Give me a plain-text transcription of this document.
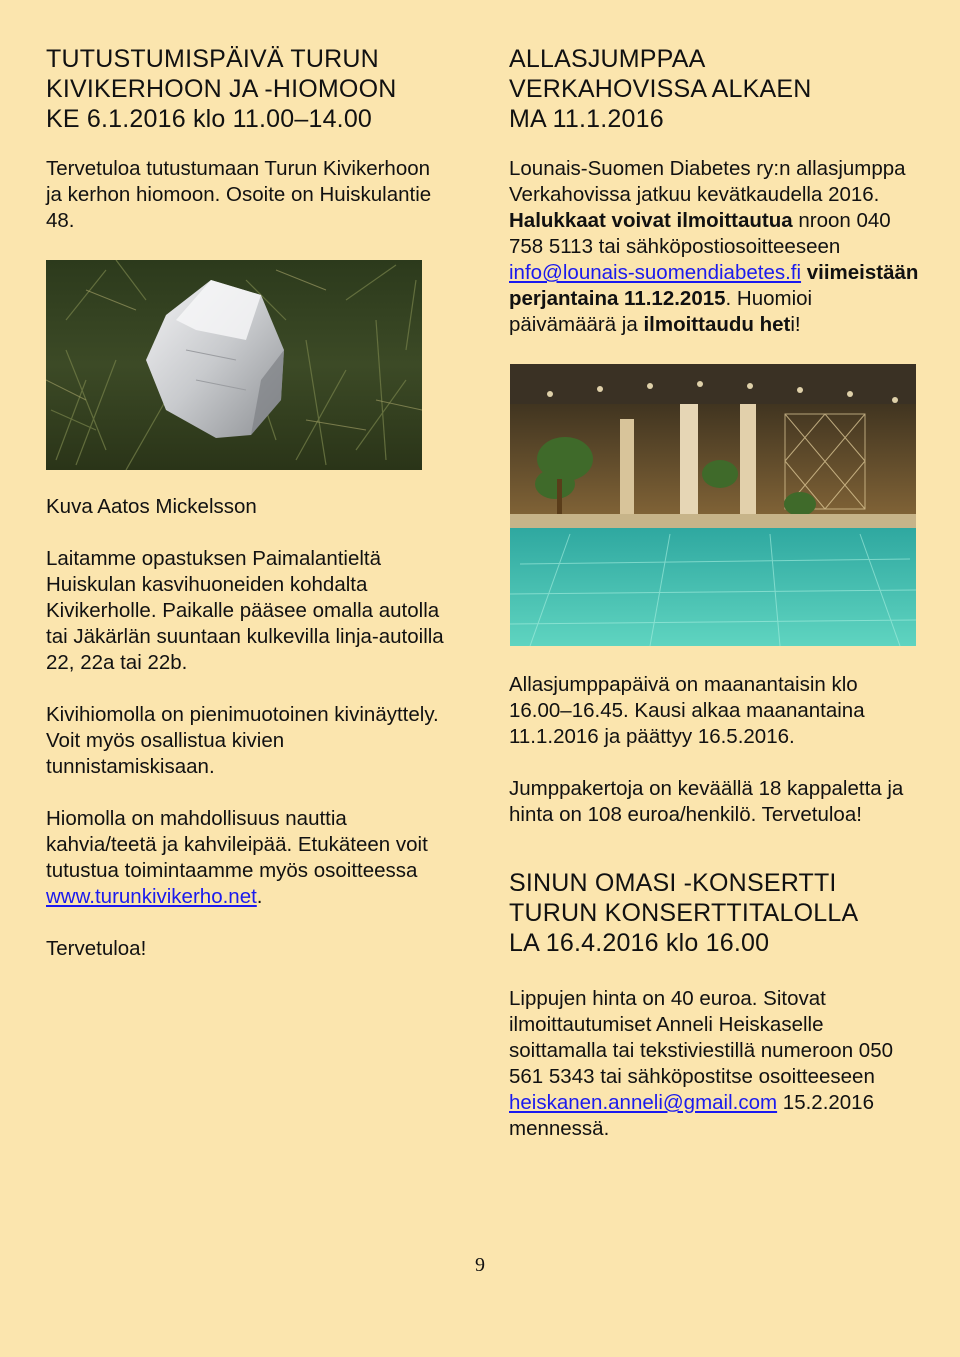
TUTUSTUMISPÄIVÄ TURUN
KIVIKERHOON JA -HIOMOON
KE 6.1.2016 klo 11.00–14.00

Tervetuloa tutustumaan Turun Kivikerhoon ja kerhon hiomoon. Osoite on Huiskulantie 48.

Kuva Aatos Mickelsson

Laitamme opastuksen Paimalantieltä Huiskulan kasvihuoneiden kohdalta Kivikerholle. Paikalle pääsee omalla autolla tai Jäkärlän suuntaan kulkevilla linja-autoilla 22, 22a tai 22b.

Kivihiomolla on pienimuotoinen kivinäyttely. Voit myös osallistua kivien tunnistamiskisaan.

Hiomolla on mahdollisuus nauttia kahvia/teetä ja kahvileipää. Etukäteen voit tutustua toimintaamme myös osoitteessa www.turunkivikerho.net.

Tervetuloa!

ALLASJUMPPAA
VERKAHOVISSA ALKAEN
MA 11.1.2016

Lounais-Suomen Diabetes ry:n allasjumppa Verkahovissa jatkuu kevätkaudella 2016. Halukkaat voivat ilmoittautua nroon 040 758 5113 tai sähköpostiosoitteeseen info@lounais-suomendiabetes.fi viimeistään perjantaina 11.12.2015. Huomioi päivämäärä ja ilmoittaudu heti!

Allasjumppapäivä on maanantaisin klo 16.00–16.45. Kausi alkaa maanantaina 11.1.2016 ja päättyy 16.5.2016.

Jumppakertoja on keväällä 18 kappaletta ja hinta on 108 euroa/henkilö. Tervetuloa!

SINUN OMASI -KONSERTTI
TURUN KONSERTTITALOLLA
LA 16.4.2016 klo 16.00

Lippujen hinta on 40 euroa. Sitovat ilmoittautumiset Anneli Heiskaselle soittamalla tai tekstiviestillä numeroon 050 561 5343 tai sähköpostitse osoitteeseen heiskanen.anneli@gmail.com 15.2.2016 mennessä.

9
